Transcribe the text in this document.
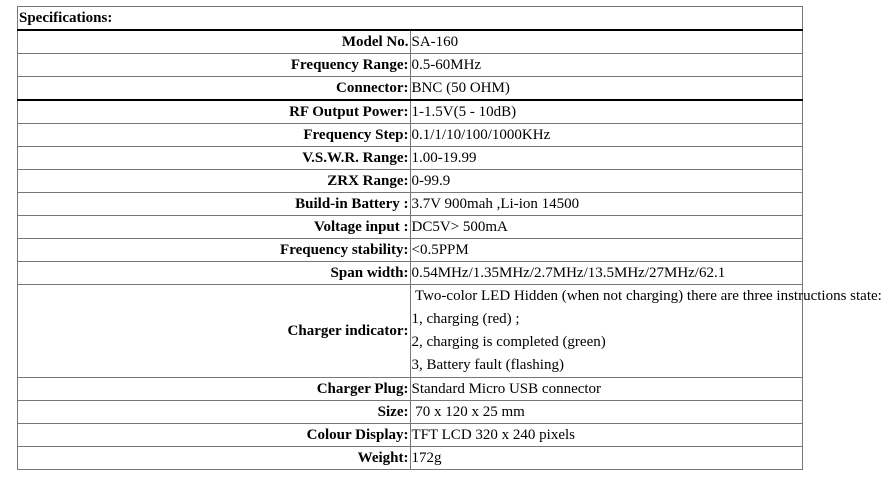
Specifications:	
Model No.	SA-160
Frequency Range:	0.5-60MHz
Connector:	BNC (50 OHM)
RF Output Power:	1-1.5V(5 - 10dB)
Frequency Step:	0.1/1/10/100/1000KHz
V.S.W.R. Range:	1.00-19.99
ZRX Range:	0-99.9
Build-in Battery :	3.7V 900mah ,Li-ion 14500
Voltage input :	DC5V> 500mA
Frequency stability:	<0.5PPM
Span width:	0.54MHz/1.35MHz/2.7MHz/13.5MHz/27MHz/62.1
Charger indicator:	Two-color LED Hidden (when not charging) there are three instructions state:
1, charging (red) ;
2, charging is completed (green)
3, Battery fault (flashing)

Charger Plug:	Standard Micro USB connector
Size:	70 x 120 x 25 mm
Colour Display:	TFT LCD 320 x 240 pixels
Weight:	172g
